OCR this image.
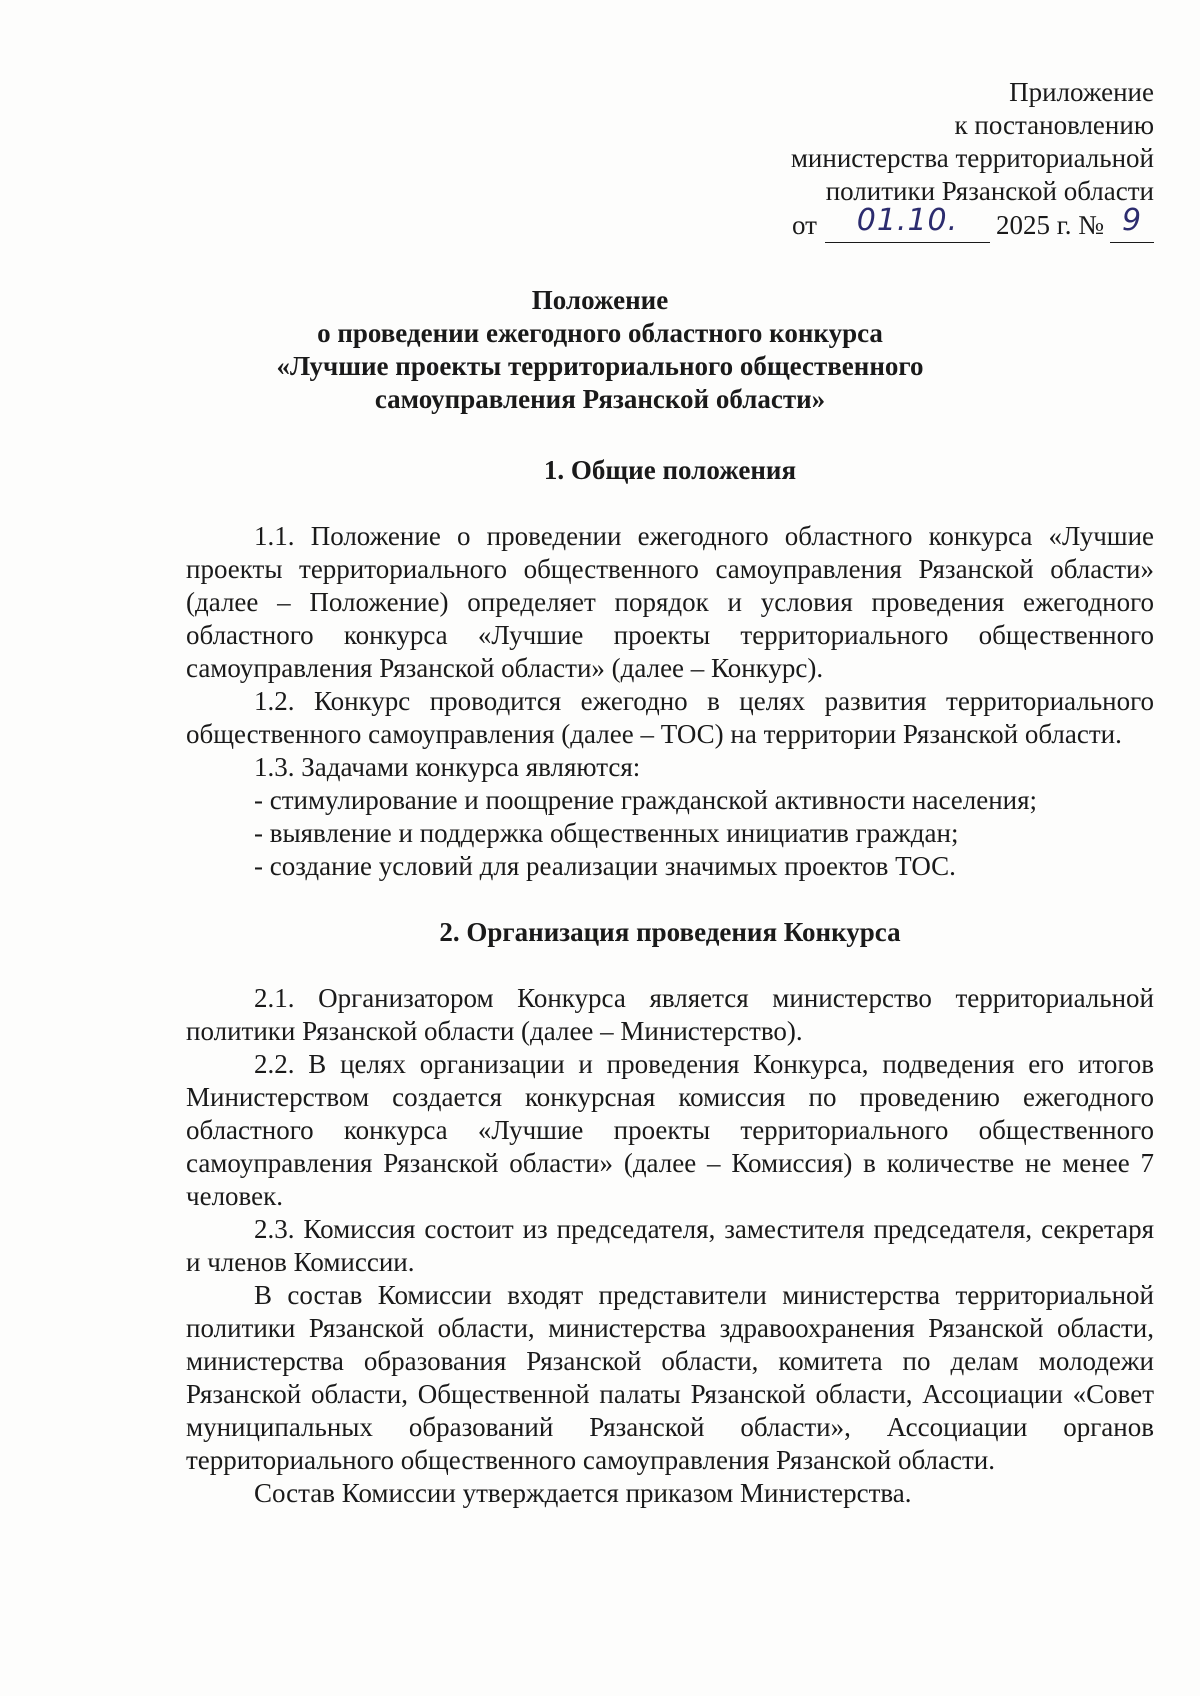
Приложение
к постановлению
министерства территориальной
политики Рязанской области
от 01.10. 2025 г. № 9
Положение
о проведении ежегодного областного конкурса
«Лучшие проекты территориального общественного
самоуправления Рязанской области»
1. Общие положения
1.1. Положение о проведении ежегодного областного конкурса «Лучшие проекты территориального общественного самоуправления Рязанской области» (далее – Положение) определяет порядок и условия проведения ежегодного областного конкурса «Лучшие проекты территориального общественного самоуправления Рязанской области» (далее – Конкурс).
1.2. Конкурс проводится ежегодно в целях развития территориального общественного самоуправления (далее – ТОС) на территории Рязанской области.
1.3. Задачами конкурса являются:
- стимулирование и поощрение гражданской активности населения;
- выявление и поддержка общественных инициатив граждан;
- создание условий для реализации значимых проектов ТОС.
2. Организация проведения Конкурса
2.1. Организатором Конкурса является министерство территориальной политики Рязанской области (далее – Министерство).
2.2. В целях организации и проведения Конкурса, подведения его итогов Министерством создается конкурсная комиссия по проведению ежегодного областного конкурса «Лучшие проекты территориального общественного самоуправления Рязанской области» (далее – Комиссия) в количестве не менее 7 человек.
2.3. Комиссия состоит из председателя, заместителя председателя, секретаря и членов Комиссии.
В состав Комиссии входят представители министерства территориальной политики Рязанской области, министерства здравоохранения Рязанской области, министерства образования Рязанской области, комитета по делам молодежи Рязанской области, Общественной палаты Рязанской области, Ассоциации «Совет муниципальных образований Рязанской области», Ассоциации органов территориального общественного самоуправления Рязанской области.
Состав Комиссии утверждается приказом Министерства.
